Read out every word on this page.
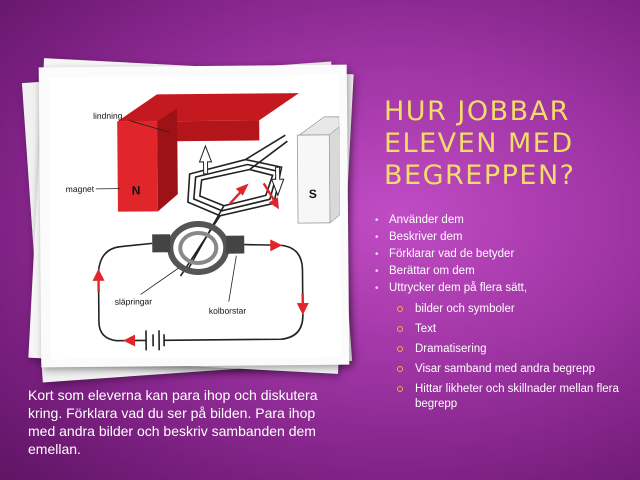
N	S
lindning
magnet
släpringar
kolborstar
HUR JOBBAR ELEVEN MED BEGREPPEN?
• Använder dem
• Beskriver dem
• Förklarar vad de betyder
• Berättar om dem
• Uttrycker dem på flera sätt,
bilder och symboler
Text
Dramatisering
Visar samband med andra begrepp
Hittar likheter och skillnader mellan flera begrepp

Kort som eleverna kan para ihop och diskutera kring. Förklara vad du ser på bilden. Para ihop med andra bilder och beskriv sambanden dem emellan.
